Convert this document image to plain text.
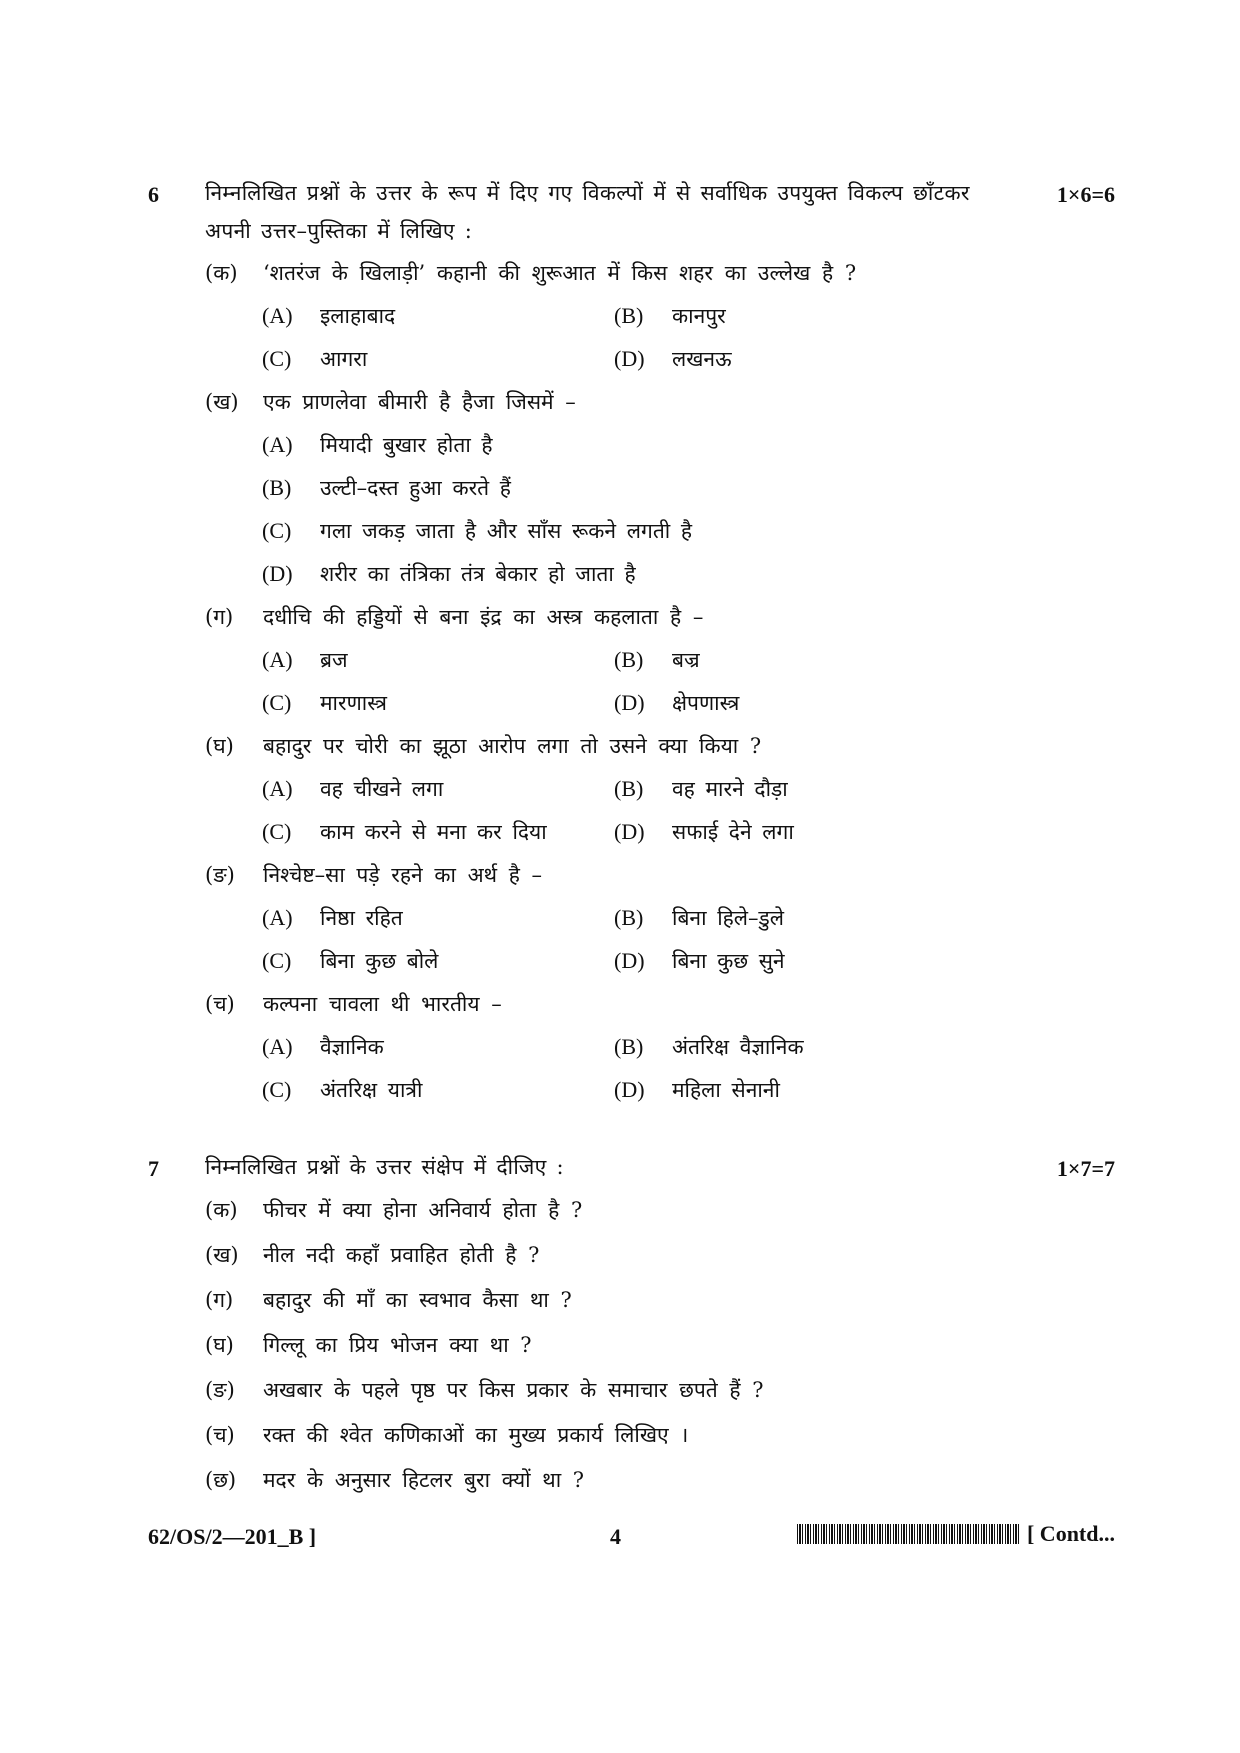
6	1×6=6
निम्नलिखित प्रश्नों के उत्तर के रूप में दिए गए विकल्पों में से सर्वाधिक उपयुक्त विकल्प छाँटकर अपनी उत्तर–पुस्तिका में लिखिए :
(क)	‘शतरंज के खिलाड़ी’ कहानी की शुरूआत में किस शहर का उल्लेख है ?
(A)	इलाहाबाद	(B)	कानपुर
(C)	आगरा	(D)	लखनऊ
(ख)	एक प्राणलेवा बीमारी है हैजा जिसमें –
(A)	मियादी बुखार होता है
(B)	उल्टी–दस्त हुआ करते हैं
(C)	गला जकड़ जाता है और साँस रूकने लगती है
(D)	शरीर का तंत्रिका तंत्र बेकार हो जाता है
(ग)	दधीचि की हड्डियों से बना इंद्र का अस्त्र कहलाता है –
(A)	ब्रज	(B)	बज्र
(C)	मारणास्त्र	(D)	क्षेपणास्त्र
(घ)	बहादुर पर चोरी का झूठा आरोप लगा तो उसने क्या किया ?
(A)	वह चीखने लगा	(B)	वह मारने दौड़ा
(C)	काम करने से मना कर दिया	(D)	सफाई देने लगा
(ङ)	निश्चेष्ट–सा पड़े रहने का अर्थ है –
(A)	निष्ठा रहित	(B)	बिना हिले–डुले
(C)	बिना कुछ बोले	(D)	बिना कुछ सुने
(च)	कल्पना चावला थी भारतीय –
(A)	वैज्ञानिक	(B)	अंतरिक्ष वैज्ञानिक
(C)	अंतरिक्ष यात्री	(D)	महिला सेनानी
7	1×7=7
निम्नलिखित प्रश्नों के उत्तर संक्षेप में दीजिए :
(क)	फीचर में क्या होना अनिवार्य होता है ?
(ख)	नील नदी कहाँ प्रवाहित होती है ?
(ग)	बहादुर की माँ का स्वभाव कैसा था ?
(घ)	गिल्लू का प्रिय भोजन क्या था ?
(ङ)	अखबार के पहले पृष्ठ पर किस प्रकार के समाचार छपते हैं ?
(च)	रक्त की श्वेत कणिकाओं का मुख्य प्रकार्य लिखिए ।
(छ)	मदर के अनुसार हिटलर बुरा क्यों था ?
62/OS/2—201_B ]	4	[ Contd...
